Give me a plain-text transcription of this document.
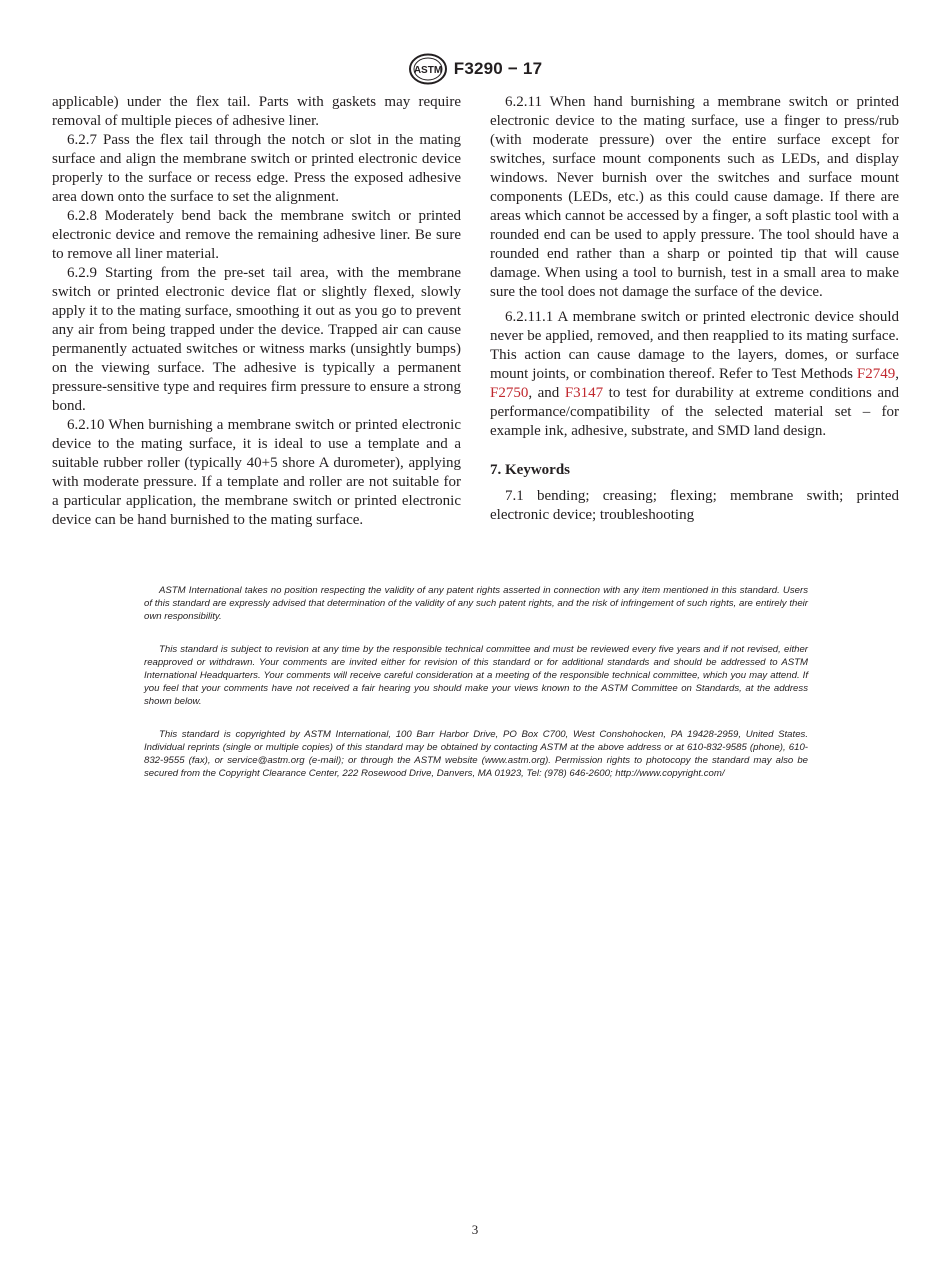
ASTM F3290 − 17

applicable) under the flex tail. Parts with gaskets may require removal of multiple pieces of adhesive liner.

6.2.7 Pass the flex tail through the notch or slot in the mating surface and align the membrane switch or printed electronic device properly to the surface or recess edge. Press the exposed adhesive area down onto the surface to set the alignment.

6.2.8 Moderately bend back the membrane switch or printed electronic device and remove the remaining adhesive liner. Be sure to remove all liner material.

6.2.9 Starting from the pre-set tail area, with the membrane switch or printed electronic device flat or slightly flexed, slowly apply it to the mating surface, smoothing it out as you go to prevent any air from being trapped under the device. Trapped air can cause permanently actuated switches or witness marks (unsightly bumps) on the viewing surface. The adhesive is typically a permanent pressure-sensitive type and requires firm pressure to ensure a strong bond.

6.2.10 When burnishing a membrane switch or printed electronic device to the mating surface, it is ideal to use a template and a suitable rubber roller (typically 40+5 shore A durometer), applying with moderate pressure. If a template and roller are not suitable for a particular application, the membrane switch or printed electronic device can be hand burnished to the mating surface.

6.2.11 When hand burnishing a membrane switch or printed electronic device to the mating surface, use a finger to press/rub (with moderate pressure) over the entire surface except for switches, surface mount components such as LEDs, and display windows. Never burnish over the switches and surface mount components (LEDs, etc.) as this could cause damage. If there are areas which cannot be accessed by a finger, a soft plastic tool with a rounded end can be used to apply pressure. The tool should have a rounded end rather than a sharp or pointed tip that will cause damage. When using a tool to burnish, test in a small area to make sure the tool does not damage the surface of the device.

6.2.11.1 A membrane switch or printed electronic device should never be applied, removed, and then reapplied to its mating surface. This action can cause damage to the layers, domes, or surface mount joints, or combination thereof. Refer to Test Methods F2749, F2750, and F3147 to test for durability at extreme conditions and performance/compatibility of the selected material set – for example ink, adhesive, substrate, and SMD land design.

7. Keywords

7.1 bending; creasing; flexing; membrane swith; printed electronic device; troubleshooting

ASTM International takes no position respecting the validity of any patent rights asserted in connection with any item mentioned in this standard. Users of this standard are expressly advised that determination of the validity of any such patent rights, and the risk of infringement of such rights, are entirely their own responsibility.

This standard is subject to revision at any time by the responsible technical committee and must be reviewed every five years and if not revised, either reapproved or withdrawn. Your comments are invited either for revision of this standard or for additional standards and should be addressed to ASTM International Headquarters. Your comments will receive careful consideration at a meeting of the responsible technical committee, which you may attend. If you feel that your comments have not received a fair hearing you should make your views known to the ASTM Committee on Standards, at the address shown below.

This standard is copyrighted by ASTM International, 100 Barr Harbor Drive, PO Box C700, West Conshohocken, PA 19428-2959, United States. Individual reprints (single or multiple copies) of this standard may be obtained by contacting ASTM at the above address or at 610-832-9585 (phone), 610-832-9555 (fax), or service@astm.org (e-mail); or through the ASTM website (www.astm.org). Permission rights to photocopy the standard may also be secured from the Copyright Clearance Center, 222 Rosewood Drive, Danvers, MA 01923, Tel: (978) 646-2600; http://www.copyright.com/

3
